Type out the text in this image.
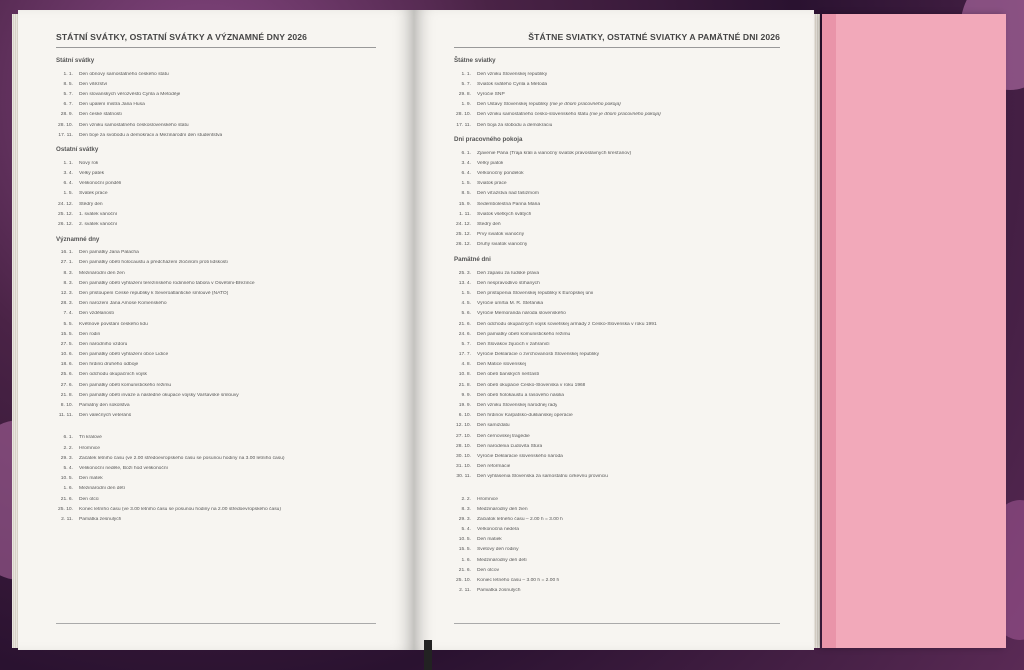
STÁTNÍ SVÁTKY, OSTATNÍ SVÁTKY A VÝZNAMNÉ DNY 2026
Státní svátky
1. 1. Den obnovy samostatného českého státu
8. 5. Den vítězství
5. 7. Den slovanských věrozvěstů Cyrila a Metoděje
6. 7. Den upálení mistra Jana Husa
28. 9. Den české státnosti
28. 10. Den vzniku samostatného československého státu
17. 11. Den boje za svobodu a demokracii a Mezinárodní den studentstva
Ostatní svátky
1. 1. Nový rok
3. 4. Velký pátek
6. 4. Velikonoční pondělí
1. 5. Svátek práce
24. 12. Štědrý den
25. 12. 1. svátek vánoční
26. 12. 2. svátek vánoční
Významné dny
16. 1. Den památky Jana Palacha
27. 1. Den památky obětí holocaustu a předcházení zločinům proti lidskosti
8. 3. Mezinárodní den žen
8. 3. Den památky obětí vyhlazení terezínského rodinného tábora v Osvětimi-Březince
12. 3. Den přistoupení České republiky k Severoatlantické smlouvě (NATO)
28. 3. Den narození Jana Amose Komenského
7. 4. Den vzdělanosti
5. 5. Květnové povstání českého lidu
15. 5. Den rodin
27. 5. Den národního vzdoru
10. 6. Den památky obětí vyhlazení obce Lidice
18. 6. Den hrdinů druhého odboje
25. 6. Den odchodu okupačních vojsk
27. 6. Den památky obětí komunistického režimu
21. 8. Den památky obětí invaze a následné okupace vojsky Varšavské smlouvy
8. 10. Památný den sokolstva
11. 11. Den válečných veteránů
6. 1. Tři králové
2. 2. Hromnice
29. 3. Začátek letního času (ve 2.00 středoevropského času se posunou hodiny na 3.00 letního času)
5. 4. Velikonoční neděle, Boží hod velikonoční
10. 5. Den matek
1. 6. Mezinárodní den dětí
21. 6. Den otců
25. 10. Konec letního času (ve 3.00 letního času se posunou hodiny na 2.00 středoevropského času)
2. 11. Památka zesnulých
ŠTÁTNE SVIATKY, OSTATNÉ SVIATKY A PAMÄTNÉ DNI 2026
Štátne sviatky
1. 1. Deň vzniku Slovenskej republiky
5. 7. Sviatok svätého Cyrila a Metoda
29. 8. Výročie SNP
1. 9. Deň Ústavy Slovenskej republiky (nie je dňom pracovného pokoja)
28. 10. Deň vzniku samostatného česko-slovenského štátu (nie je dňom pracovného pokoja)
17. 11. Deň boja za slobodu a demokraciu
Dni pracovného pokoja
6. 1. Zjavenie Pána (Traja králi a vianočný sviatok pravoslávnych kresťanov)
3. 4. Veľký piatok
6. 4. Veľkonočný pondelok
1. 5. Sviatok práce
8. 5. Deň víťazstva nad fašizmom
15. 9. Sedembolestná Panna Mária
1. 11. Sviatok všetkých svätých
24. 12. Štedrý deň
25. 12. Prvý sviatok vianočný
26. 12. Druhý sviatok vianočný
Pamätné dni
25. 3. Deň zápasu za ľudské práva
13. 4. Deň nespravodlivo stíhaných
1. 5. Deň pristúpenia Slovenskej republiky k Európskej únii
4. 5. Výročie úmrtia M. R. Štefánika
5. 6. Výročie Memoranda národa slovenského
21. 6. Deň odchodu okupačných vojsk sovietskej armády z Česko-Slovenska v roku 1991
24. 6. Deň pamiatky obetí komunistického režimu
5. 7. Deň Slovákov žijúcich v zahraničí
17. 7. Výročie Deklarácie o zvrchovanosti Slovenskej republiky
4. 8. Deň Matice slovenskej
10. 8. Deň obetí banských nešťastí
21. 8. Deň obetí okupácie Česko-Slovenska v roku 1968
9. 9. Deň obetí holokaustu a rasového násilia
19. 9. Deň vzniku Slovenskej národnej rady
6. 10. Deň hrdinov Karpatsko-duklianskej operácie
12. 10. Deň samizdatu
27. 10. Deň černovskej tragédie
28. 10. Deň narodenia Ľudovíta Štúra
30. 10. Výročie Deklarácie slovenského národa
31. 10. Deň reformácie
30. 11. Deň vyhlásenia Slovenska za samostatnú cirkevnú provinciu
2. 2. Hromnice
8. 3. Medzinárodný deň žien
29. 3. Začiatok letného času – 2.00 h = 3.00 h
5. 4. Veľkonočná nedeľa
10. 5. Deň matiek
15. 5. Svetový deň rodiny
1. 6. Medzinárodný deň detí
21. 6. Deň otcov
25. 10. Koniec letného času – 3.00 h = 2.00 h
2. 11. Pamiatka zosnulých
